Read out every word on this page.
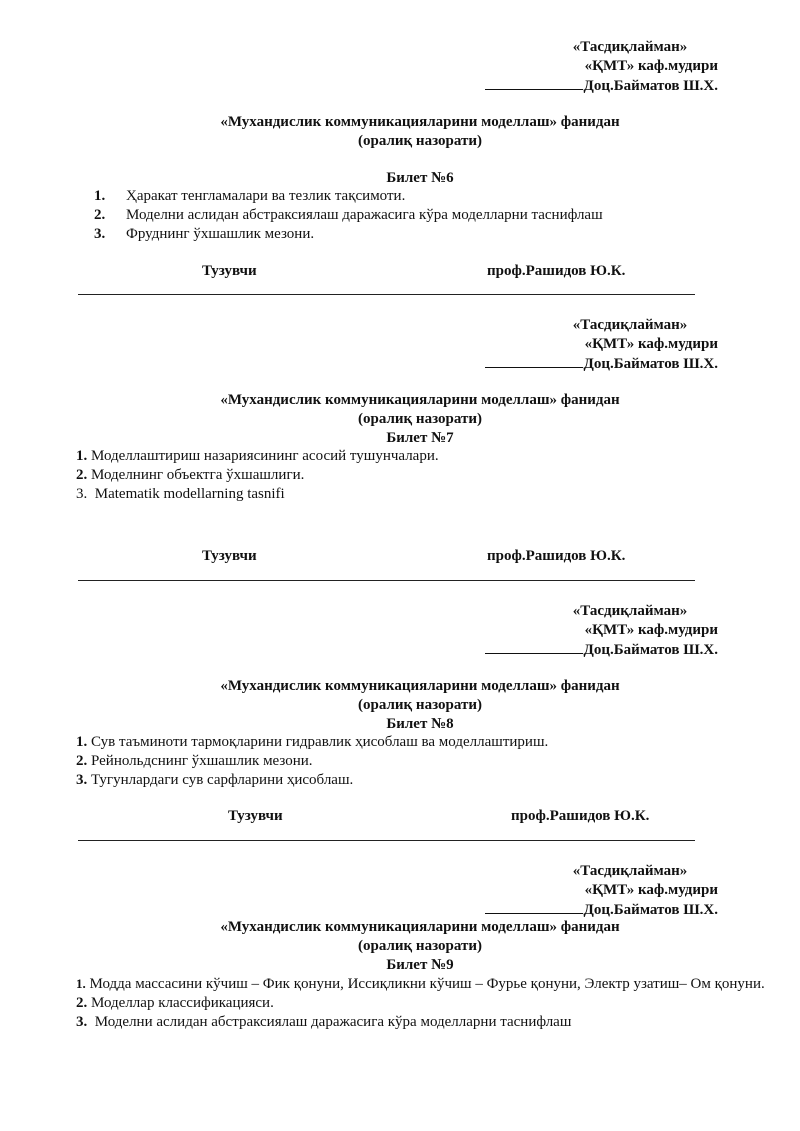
«Тасдиқлайман»
«ҚМТ» каф.мудири
Доц.Байматов Ш.Х.
«Мухандислик коммуникацияларини моделлаш» фанидан
(оралиқ назорати)
Билет №6
1. Ҳаракат тенгламалари ва тезлик тақсимоти.
2. Моделни аслидан абстраксиялаш даражасига кўра моделларни таснифлаш
3. Фруднинг ўхшашлик мезони.
Тузувчи	проф.Рашидов Ю.К.
«Тасдиқлайман»
«ҚМТ» каф.мудири
Доц.Байматов Ш.Х.
«Мухандислик коммуникацияларини моделлаш» фанидан
(оралиқ назорати)
Билет №7
1. Моделлаштириш назариясининг асосий тушунчалари.
2. Моделнинг объектга ўхшашлиги.
3. Matematik modellarning tasnifi
Тузувчи	проф.Рашидов Ю.К.
«Тасдиқлайман»
«ҚМТ» каф.мудири
Доц.Байматов Ш.Х.
«Мухандислик коммуникацияларини моделлаш» фанидан
(оралиқ назорати)
Билет №8
1. Сув таъминоти тармоқларини гидравлик ҳисоблаш ва моделлаштириш.
2. Рейнольдснинг ўхшашлик мезони.
3. Тугунлардаги сув сарфларини ҳисоблаш.
Тузувчи	проф.Рашидов Ю.К.
«Тасдиқлайман»
«ҚМТ» каф.мудири
Доц.Байматов Ш.Х.
«Мухандислик коммуникацияларини моделлаш» фанидан
(оралиқ назорати)
Билет №9
1. Модда массасини кўчиш – Фик қонуни, Иссиқликни кўчиш – Фурье қонуни, Электр узатиш– Ом қонуни.
2. Моделлар классификацияси.
3. Моделни аслидан абстраксиялаш даражасига кўра моделларни таснифлаш
